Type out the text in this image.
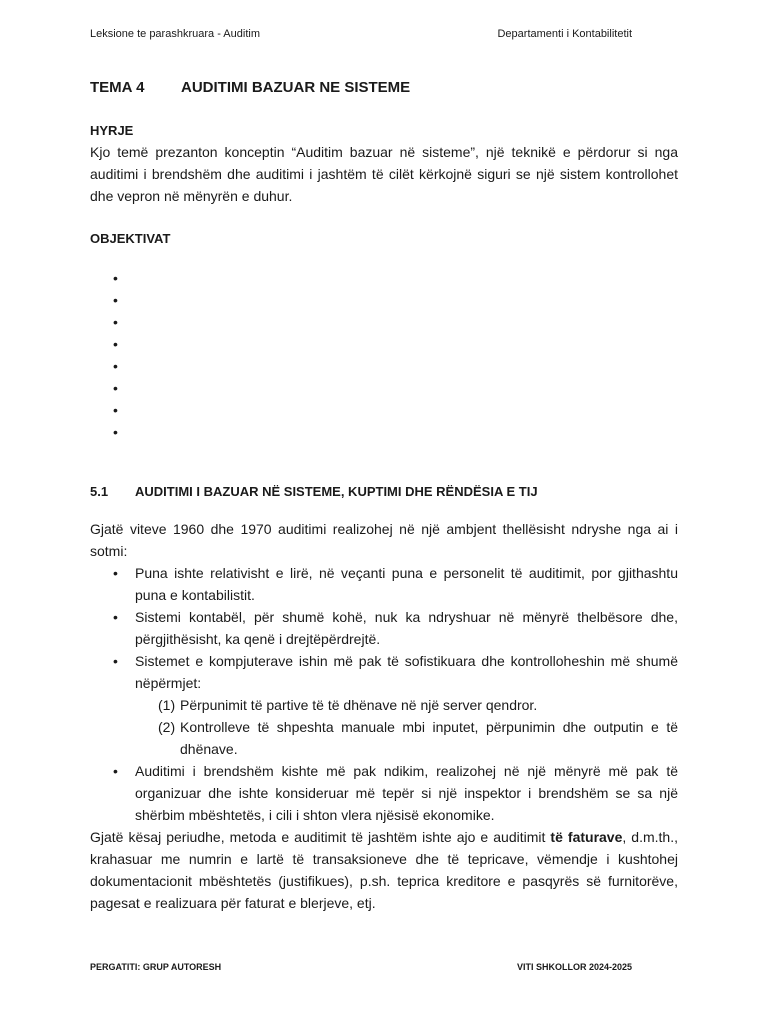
Leksione te parashkruara - Auditim	Departamenti i Kontabilitetit
TEMA 4 AUDITIMI BAZUAR NE SISTEME
HYRJE
Kjo temë prezanton konceptin “Auditim bazuar në sisteme”, një teknikë e përdorur si nga auditimi i brendshëm dhe auditimi i jashtëm të cilët kërkojnë siguri se një sistem kontrollohet dhe vepron në mënyrën e duhur.
OBJEKTIVAT
•
•
•
•
•
•
•
•
5.1 AUDITIMI I BAZUAR NË SISTEME, KUPTIMI DHE RËNDËSIA E TIJ
Gjatë viteve 1960 dhe 1970 auditimi realizohej në një ambjent thellësisht ndryshe nga ai i sotmi:
• Puna ishte relativisht e lirë, në veçanti puna e personelit të auditimit, por gjithashtu puna e kontabilistit.
• Sistemi kontabël, për shumë kohë, nuk ka ndryshuar në mënyrë thelbësore dhe, përgjithësisht, ka qenë i drejtëpërdrejtë.
• Sistemet e kompjuterave ishin më pak të sofistikuara dhe kontrolloheshin më shumë nëpërmjet:
(1) Përpunimit të partive të të dhënave në një server qendror.
(2) Kontrolleve të shpeshta manuale mbi inputet, përpunimin dhe outputin e të dhënave.
• Auditimi i brendshëm kishte më pak ndikim, realizohej në një mënyrë më pak të organizuar dhe ishte konsideruar më tepër si një inspektor i brendshëm se sa një shërbim mbështetës, i cili i shton vlera njësisë ekonomike.
Gjatë kësaj periudhe, metoda e auditimit të jashtëm ishte ajo e auditimit të faturave, d.m.th., krahasuar me numrin e lartë të transaksioneve dhe të tepricave, vëmendje i kushtohej dokumentacionit mbështetës (justifikues), p.sh. teprica kreditore e pasqyrës së furnitorëve, pagesat e realizuara për faturat e blerjeve, etj.
PERGATITI: GRUP AUTORESH	VITI SHKOLLOR 2024-2025
